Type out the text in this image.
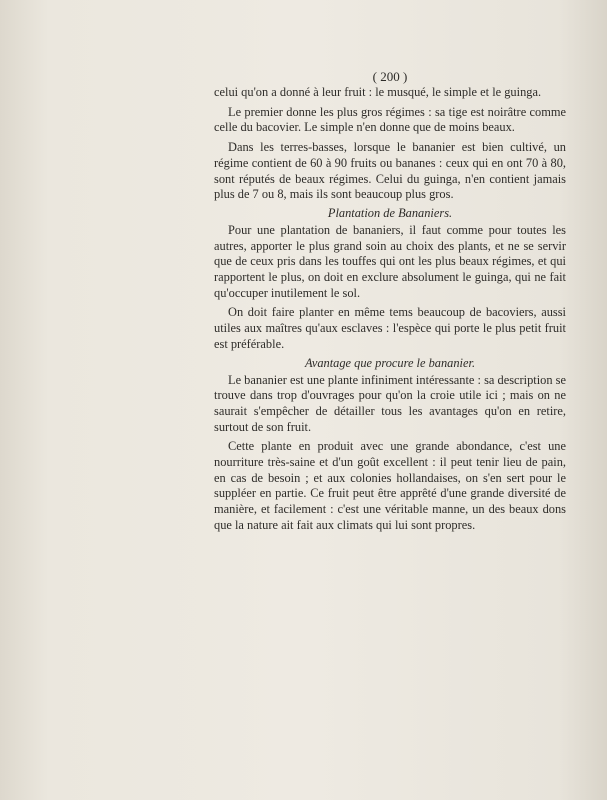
( 200 )

celui qu'on a donné à leur fruit : le musqué, le simple et le guinga.

Le premier donne les plus gros régimes : sa tige est noirâtre comme celle du bacovier. Le simple n'en donne que de moins beaux.

Dans les terres-basses, lorsque le bananier est bien cultivé, un régime contient de 60 à 90 fruits ou bananes : ceux qui en ont 70 à 80, sont réputés de beaux régimes. Celui du guinga, n'en contient jamais plus de 7 ou 8, mais ils sont beaucoup plus gros.

Plantation de Bananiers.

Pour une plantation de bananiers, il faut comme pour toutes les autres, apporter le plus grand soin au choix des plants, et ne se servir que de ceux pris dans les touffes qui ont les plus beaux régimes, et qui rapportent le plus, on doit en exclure absolument le guinga, qui ne fait qu'occuper inutilement le sol.

On doit faire planter en même tems beaucoup de bacoviers, aussi utiles aux maîtres qu'aux esclaves : l'espèce qui porte le plus petit fruit est préférable.

Avantage que procure le bananier.

Le bananier est une plante infiniment intéressante : sa description se trouve dans trop d'ouvrages pour qu'on la croie utile ici ; mais on ne saurait s'empêcher de détailler tous les avantages qu'on en retire, surtout de son fruit.

Cette plante en produit avec une grande abondance, c'est une nourriture très-saine et d'un goût excellent : il peut tenir lieu de pain, en cas de besoin ; et aux colonies hollandaises, on s'en sert pour le suppléer en partie. Ce fruit peut être apprêté d'une grande diversité de manière, et facilement : c'est une véritable manne, un des beaux dons que la nature ait fait aux climats qui lui sont propres.
